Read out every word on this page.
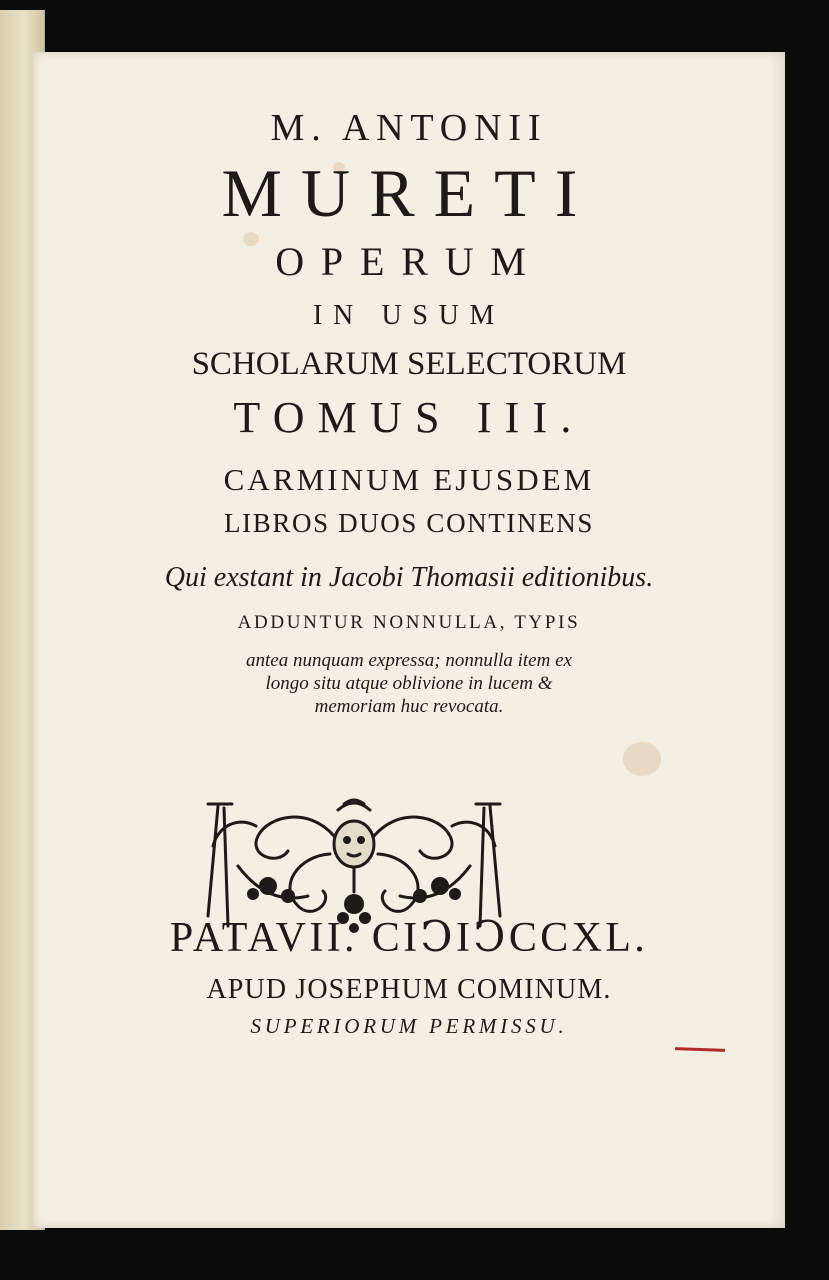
M. ANTONII
MURETI
OPERUM
IN USUM
SCHOLARUM SELECTORUM
TOMUS III.
CARMINUM EJUSDEM
LIBROS DUOS CONTINENS
Qui exstant in Jacobi Thomasii editionibus.
ADDUNTUR NONNULLA, TYPIS
antea nunquam expressa; nonnulla item ex
longo situ atque oblivione in lucem &
memoriam huc revocata.
PATAVII. CIↃIↃCCXL.
APUD JOSEPHUM COMINUM.
SUPERIORUM PERMISSU.
